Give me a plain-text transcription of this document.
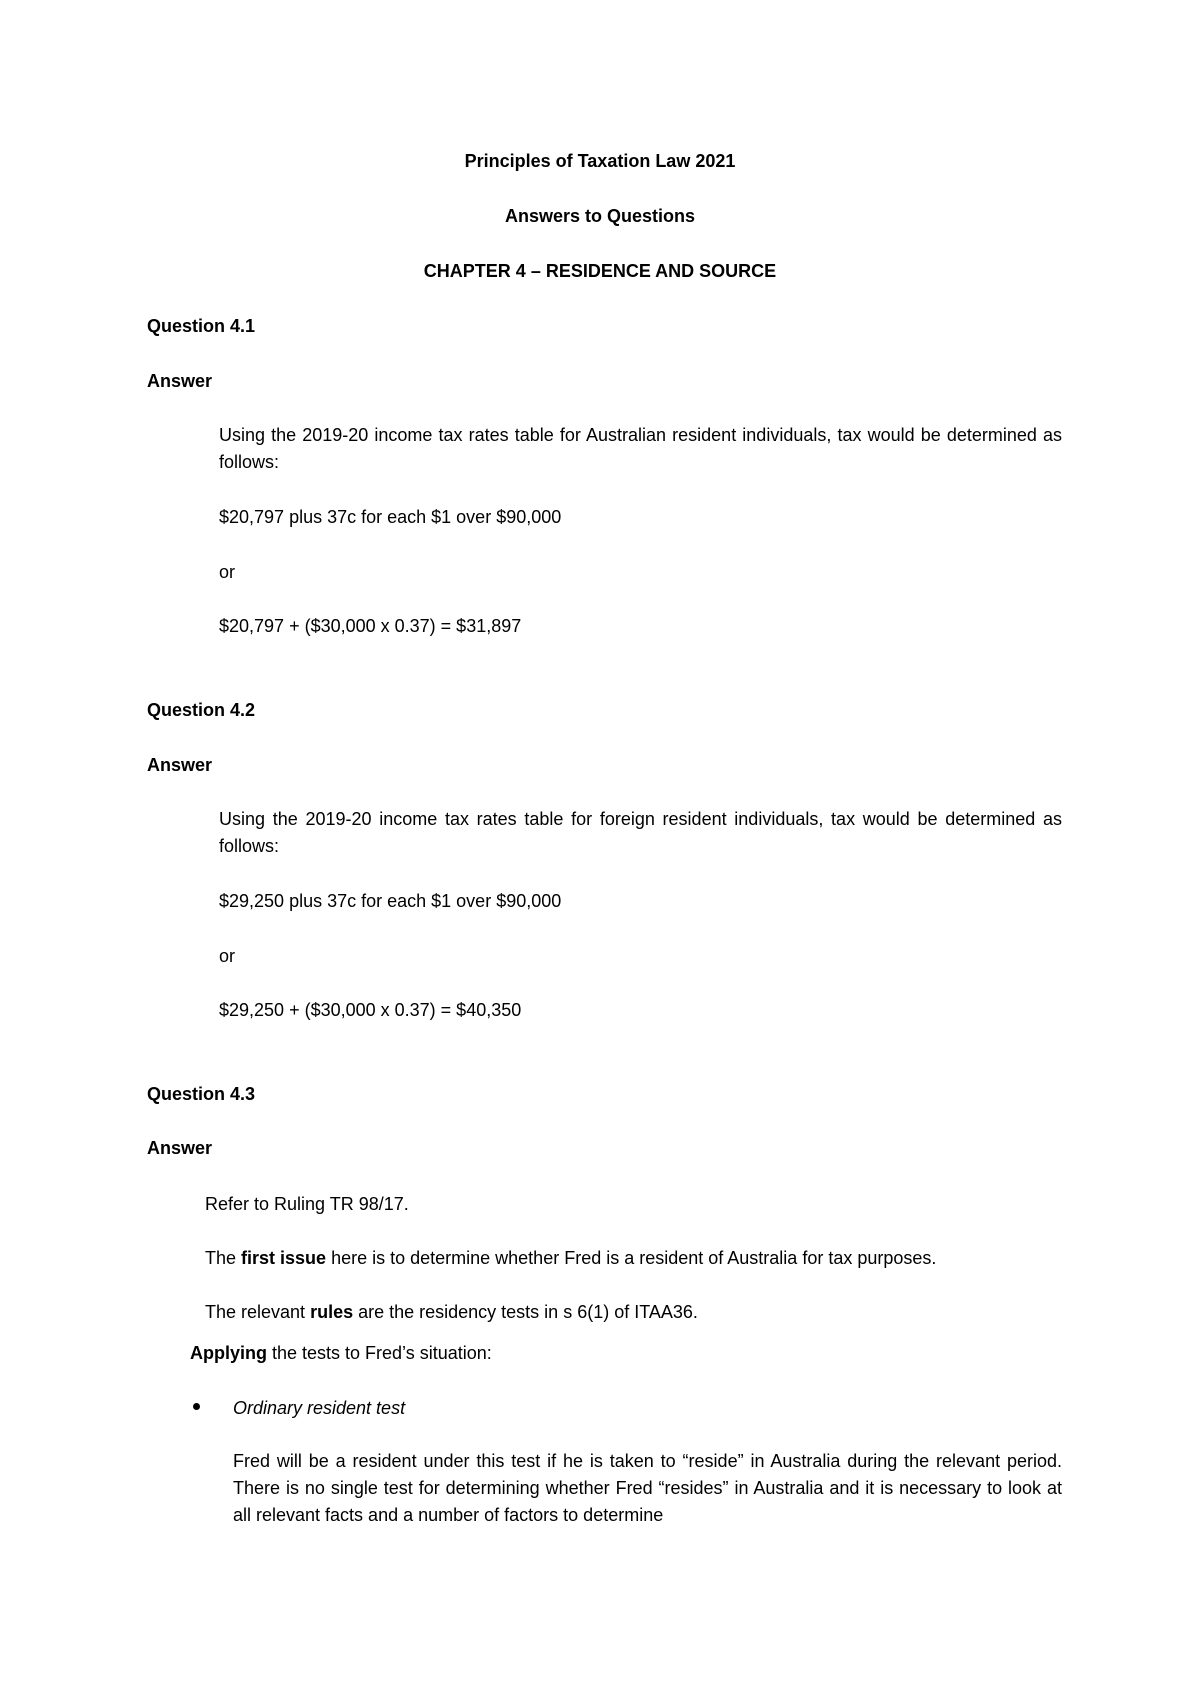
Principles of Taxation Law 2021

Answers to Questions

CHAPTER 4 – RESIDENCE AND SOURCE

Question 4.1

Answer

Using the 2019-20 income tax rates table for Australian resident individuals, tax would be determined as follows:

$20,797 plus 37c for each $1 over $90,000

or

$20,797 + ($30,000 x 0.37) = $31,897

Question 4.2

Answer

Using the 2019-20 income tax rates table for foreign resident individuals, tax would be determined as follows:

$29,250 plus 37c for each $1 over $90,000

or

$29,250 + ($30,000 x 0.37) = $40,350

Question 4.3

Answer

Refer to Ruling TR 98/17.

The first issue here is to determine whether Fred is a resident of Australia for tax purposes.

The relevant rules are the residency tests in s 6(1) of ITAA36.

Applying the tests to Fred’s situation:

Ordinary resident test

Fred will be a resident under this test if he is taken to “reside” in Australia during the relevant period. There is no single test for determining whether Fred “resides” in Australia and it is necessary to look at all relevant facts and a number of factors to determine
